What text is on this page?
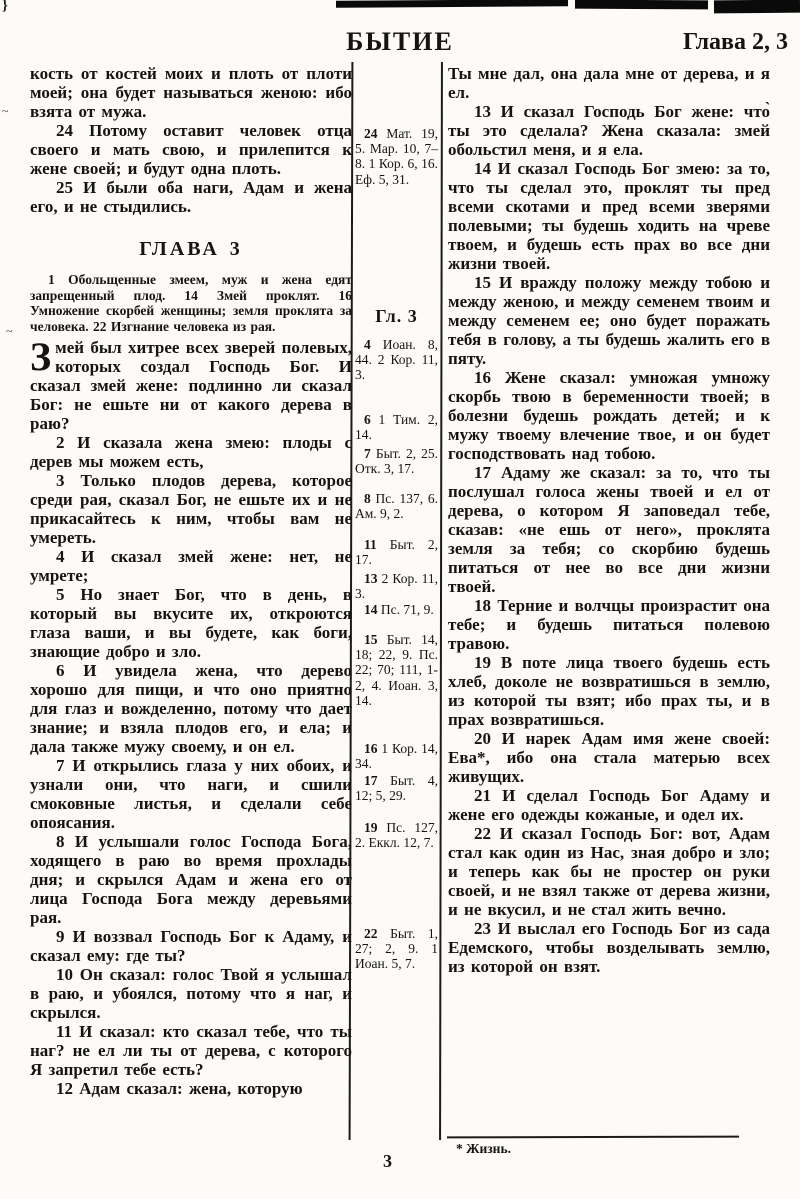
}
~
~
БЫТИЕ	Глава 2, 3

кость от костей моих и плоть от плоти моей; она будет называться женою: ибо взята от мужа.

24 Потому оставит человек отца своего и мать свою, и прилепится к жене своей; и будут одна плоть.

25 И были оба наги, Адам и жена его, и не стыдились.

ГЛАВА 3

1 Обольщенные змеем, муж и жена едят запрещенный плод. 14 Змей проклят. 16 Умножение скорбей женщины; земля проклята за человека. 22 Изгнание человека из рая.

Змей был хитрее всех зверей полевых, которых создал Господь Бог. И сказал змей жене: подлинно ли сказал Бог: не ешьте ни от какого дерева в раю?

2 И сказала жена змею: плоды с дерев мы можем есть,

3 Только плодов дерева, которое среди рая, сказал Бог, не ешьте их и не прикасайтесь к ним, чтобы вам не умереть.

4 И сказал змей жене: нет, не умрете;

5 Но знает Бог, что в день, в который вы вкусите их, откроются глаза ваши, и вы будете, как боги, знающие добро и зло.

6 И увидела жена, что дерево хорошо для пищи, и что оно приятно для глаз и вожделенно, потому что дает знание; и взяла плодов его, и ела; и дала также мужу своему, и он ел.

7 И открылись глаза у них обоих, и узнали они, что наги, и сшили смоковные листья, и сделали себе опоясания.

8 И услышали голос Господа Бога, ходящего в раю во время прохлады дня; и скрылся Адам и жена его от лица Господа Бога между деревьями рая.

9 И воззвал Господь Бог к Адаму, и сказал ему: где ты?

10 Он сказал: голос Твой я услышал в раю, и убоялся, потому что я наг, и скрылся.

11 И сказал: кто сказал тебе, что ты наг? не ел ли ты от дерева, с которого Я запретил тебе есть?

12 Адам сказал: жена, которую

24 Мат. 19, 5. Мар. 10, 7–8. 1 Кор. 6, 16. Еф. 5, 31.
Гл. 3
4 Иоан. 8, 44. 2 Кор. 11, 3.
6 1 Тим. 2, 14.
7 Быт. 2, 25. Отк. 3, 17.
8 Пс. 137, 6. Ам. 9, 2.
11 Быт. 2, 17.
13 2 Кор. 11, 3.
14 Пс. 71, 9.
15 Быт. 14, 18; 22, 9. Пс. 22; 70; 111, 1-2, 4. Иоан. 3, 14.
16 1 Кор. 14, 34.
17 Быт. 4, 12; 5, 29.
19 Пс. 127, 2. Еккл. 12, 7.
22 Быт. 1, 27; 2, 9. 1 Иоан. 5, 7.

Ты мне дал, она дала мне от дерева, и я ел.

13 И сказал Господь Бог жене: что̀ ты это сделала? Жена сказала: змей обольстил меня, и я ела.

14 И сказал Господь Бог змею: за то, что ты сделал это, проклят ты пред всеми скотами и пред всеми зверями полевыми; ты будешь ходить на чреве твоем, и будешь есть прах во все дни жизни твоей.

15 И вражду положу между тобою и между женою, и между семенем твоим и между семенем ее; оно будет поражать тебя в голову, а ты будешь жалить его в пяту.

16 Жене сказал: умножая умножу скорбь твою в беременности твоей; в болезни будешь рождать детей; и к мужу твоему влечение твое, и он будет господствовать над тобою.

17 Адаму же сказал: за то, что ты послушал голоса жены твоей и ел от дерева, о котором Я заповедал тебе, сказав: «не ешь от него», проклята земля за тебя; со скорбию будешь питаться от нее во все дни жизни твоей.

18 Терние и волчцы произрастит она тебе; и будешь питаться полевою травою.

19 В поте лица твоего будешь есть хлеб, доколе не возвратишься в землю, из которой ты взят; ибо прах ты, и в прах возвратишься.

20 И нарек Адам имя жене своей: Ева*, ибо она стала матерью всех живущих.

21 И сделал Господь Бог Адаму и жене его одежды кожаные, и одел их.

22 И сказал Господь Бог: вот, Адам стал как один из Нас, зная добро и зло; и теперь как бы не простер он руки своей, и не взял также от дерева жизни, и не вкусил, и не стал жить вечно.

23 И выслал его Господь Бог из сада Едемского, чтобы возделывать землю, из которой он взят.

* Жизнь.
3
